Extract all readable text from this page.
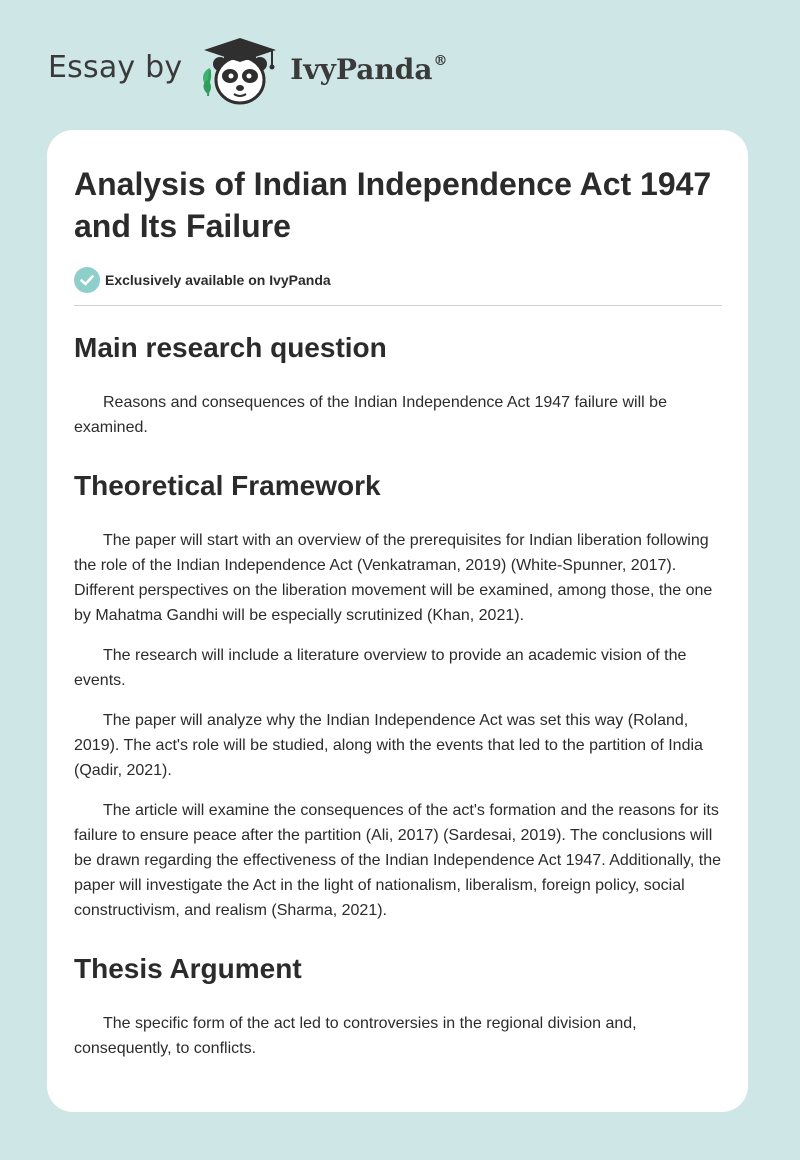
Essay by	IvyPanda®
Analysis of Indian Independence Act 1947 and Its Failure
Exclusively available on IvyPanda
Main research question

Reasons and consequences of the Indian Independence Act 1947 failure will be examined.

Theoretical Framework

The paper will start with an overview of the prerequisites for Indian liberation following the role of the Indian Independence Act (Venkatraman, 2019) (White-Spunner, 2017). Different perspectives on the liberation movement will be examined, among those, the one by Mahatma Gandhi will be especially scrutinized (Khan, 2021).

The research will include a literature overview to provide an academic vision of the events.

The paper will analyze why the Indian Independence Act was set this way (Roland, 2019). The act's role will be studied, along with the events that led to the partition of India (Qadir, 2021).

The article will examine the consequences of the act's formation and the reasons for its failure to ensure peace after the partition (Ali, 2017) (Sardesai, 2019). The conclusions will be drawn regarding the effectiveness of the Indian Independence Act 1947. Additionally, the paper will investigate the Act in the light of nationalism, liberalism, foreign policy, social constructivism, and realism (Sharma, 2021).

Thesis Argument

The specific form of the act led to controversies in the regional division and, consequently, to conflicts.
